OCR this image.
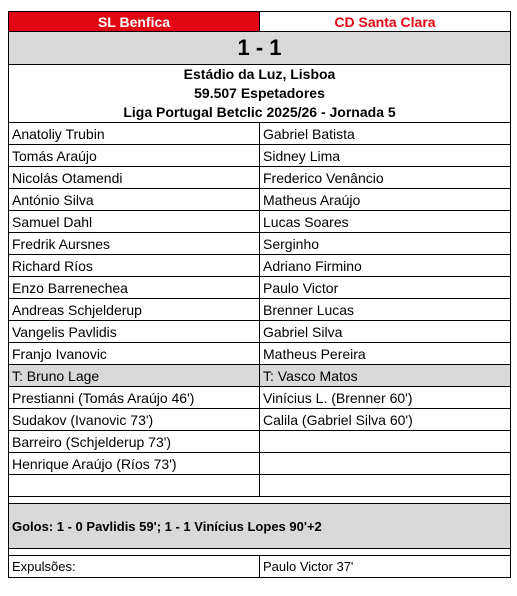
SL Benfica	CD Santa Clara
1 - 1
Estádio da Luz, Lisboa
59.507 Espetadores
Liga Portugal Betclic 2025/26 - Jornada 5
Anatoliy Trubin	Gabriel Batista
Tomás Araújo	Sidney Lima
Nicolás Otamendi	Frederico Venâncio
António Silva	Matheus Araújo
Samuel Dahl	Lucas Soares
Fredrik Aursnes	Serginho
Richard Ríos	Adriano Firmino
Enzo Barrenechea	Paulo Victor
Andreas Schjelderup	Brenner Lucas
Vangelis Pavlidis	Gabriel Silva
Franjo Ivanovic	Matheus Pereira
T: Bruno Lage	T: Vasco Matos
Prestianni (Tomás Araújo 46')	Vinícius L. (Brenner 60')
Sudakov (Ivanovic 73')	Calila (Gabriel Silva 60')
Barreiro (Schjelderup 73')
Henrique Araújo (Ríos 73')
Golos: 1 - 0 Pavlidis 59'; 1 - 1 Vinícius Lopes 90'+2
Expulsões:	Paulo Victor 37'
